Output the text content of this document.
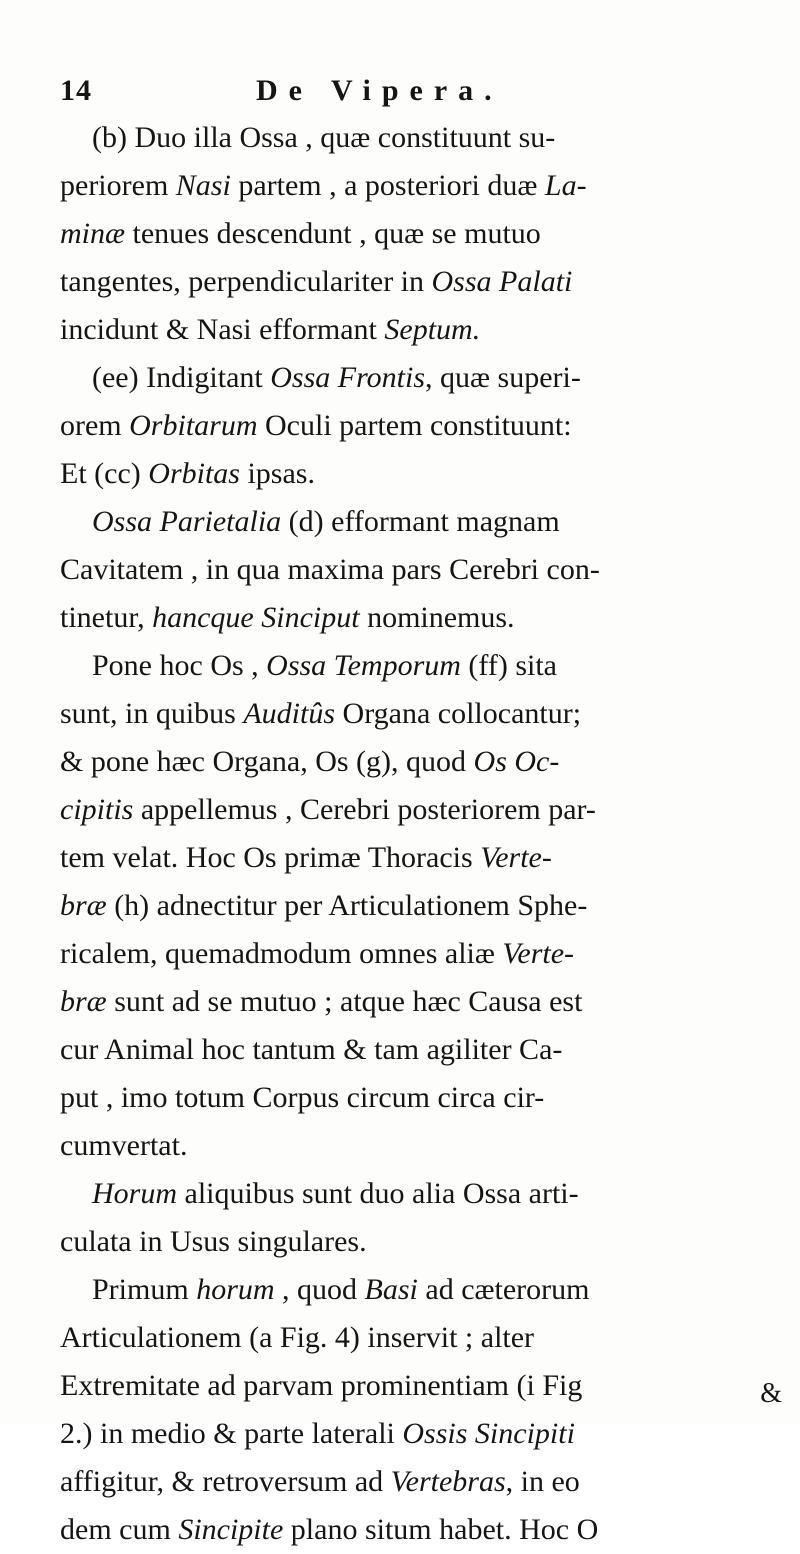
14	De Vipera.
(b) Duo illa Ossa , quæ constituunt su-
periorem Nasi partem , a posteriori duæ La-
minæ tenues descendunt , quæ se mutuo
tangentes, perpendiculariter in Ossa Palati
incidunt & Nasi efformant Septum.
(ee) Indigitant Ossa Frontis, quæ superi-
orem Orbitarum Oculi partem constituunt:
Et (cc) Orbitas ipsas.
Ossa Parietalia (d) efformant magnam
Cavitatem , in qua maxima pars Cerebri con-
tinetur, hancque Sinciput nominemus.
Pone hoc Os , Ossa Temporum (ff) sita
sunt, in quibus Auditûs Organa collocantur;
& pone hæc Organa, Os (g), quod Os Oc-
cipitis appellemus , Cerebri posteriorem par-
tem velat. Hoc Os primæ Thoracis Verte-
bræ (h) adnectitur per Articulationem Sphe-
ricalem, quemadmodum omnes aliæ Verte-
bræ sunt ad se mutuo ; atque hæc Causa est
cur Animal hoc tantum & tam agiliter Ca-
put , imo totum Corpus circum circa cir-
cumvertat.
Horum aliquibus sunt duo alia Ossa arti-
culata in Usus singulares.
Primum horum , quod Basi ad cæterorum
Articulationem (a Fig. 4) inservit ; alter
Extremitate ad parvam prominentiam (i Fig
2.) in medio & parte laterali Ossis Sincipiti
affigitur, & retroversum ad Vertebras, in eo
dem cum Sincipite plano situm habet. Hoc O
&
